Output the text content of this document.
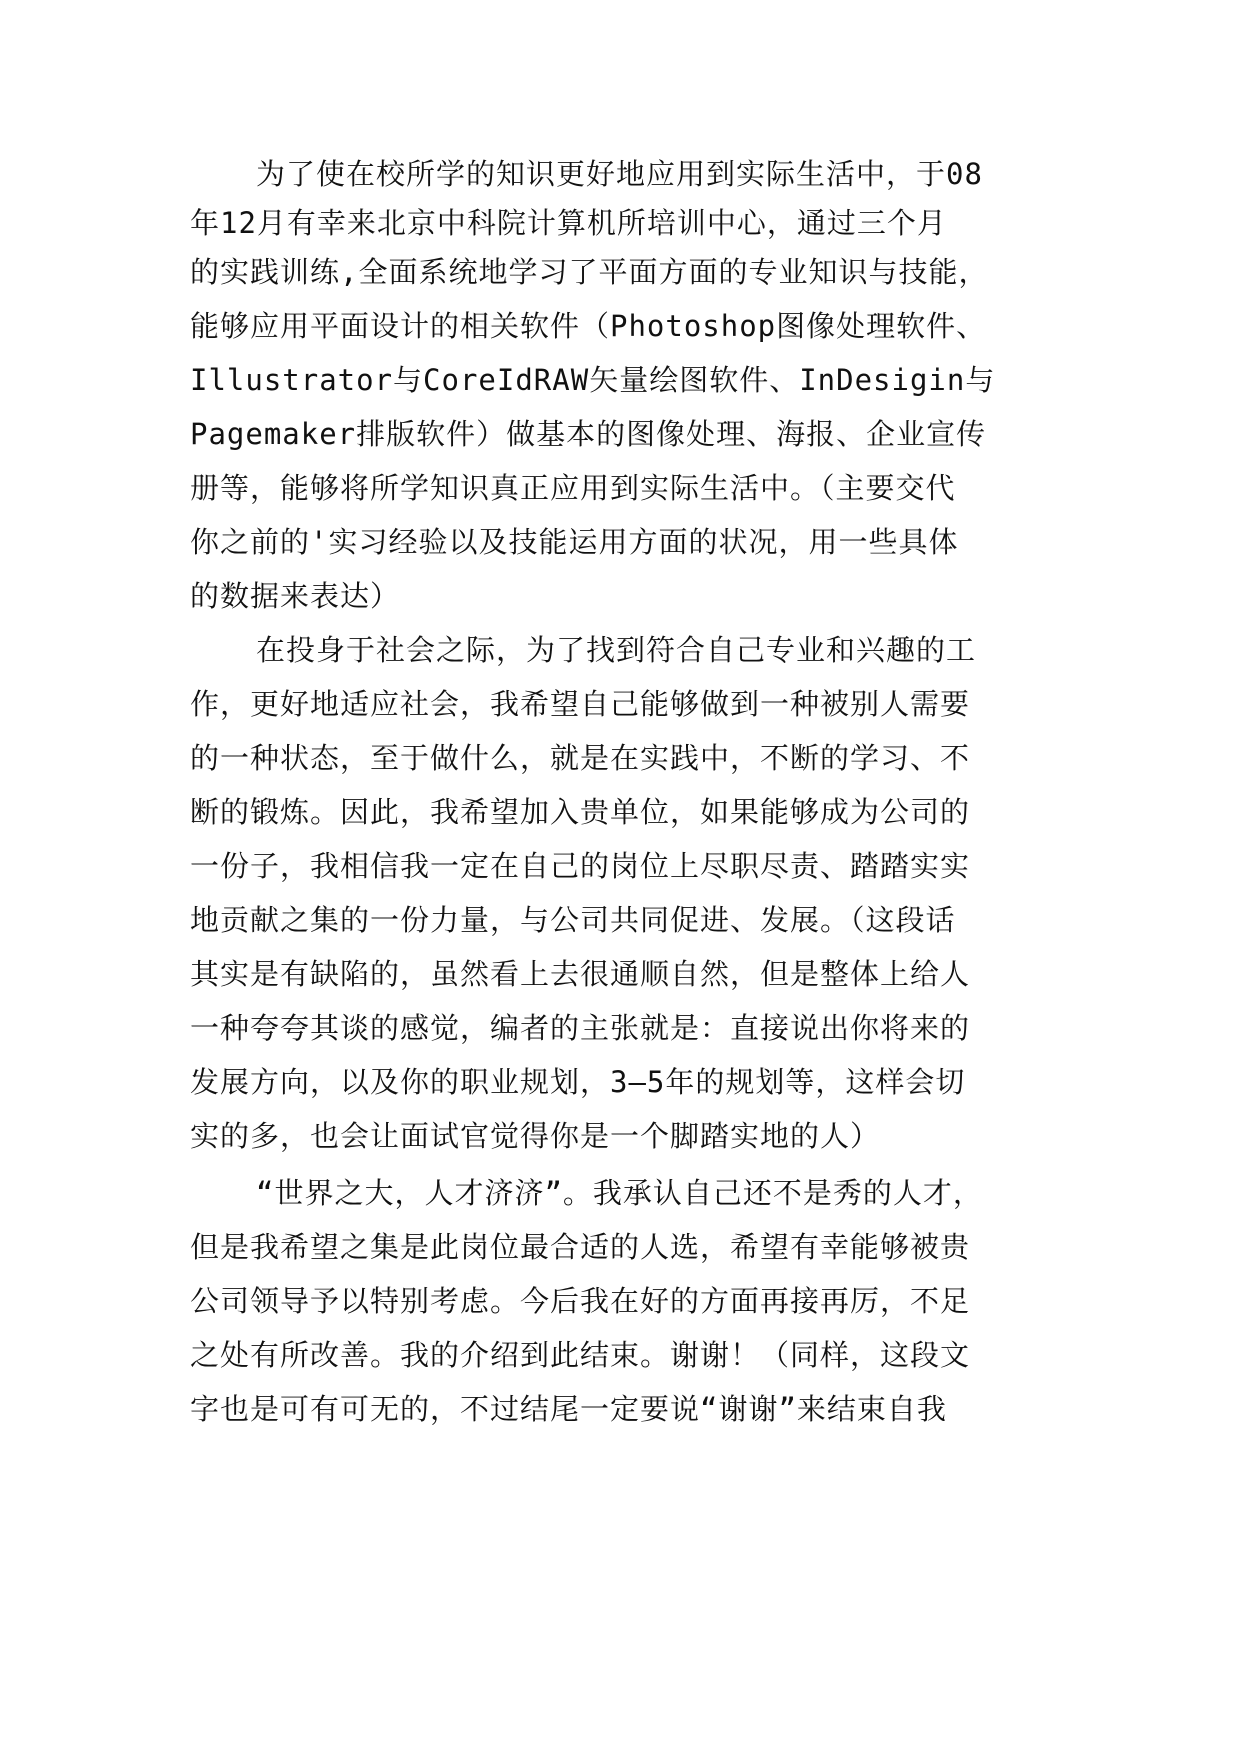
为了使在校所学的知识更好地应用到实际生活中，于08
年12月有幸来北京中科院计算机所培训中心，通过三个月
的实践训练,全面系统地学习了平面方面的专业知识与技能，
能够应用平面设计的相关软件（Photoshop图像处理软件、
Illustrator与CoreIdRAW矢量绘图软件、InDesigin与
Pagemaker排版软件）做基本的图像处理、海报、企业宣传
册等，能够将所学知识真正应用到实际生活中。（主要交代
你之前的'实习经验以及技能运用方面的状况，用一些具体
的数据来表达）
在投身于社会之际，为了找到符合自己专业和兴趣的工
作，更好地适应社会，我希望自己能够做到一种被别人需要
的一种状态，至于做什么，就是在实践中，不断的学习、不
断的锻炼。因此，我希望加入贵单位，如果能够成为公司的
一份子，我相信我一定在自己的岗位上尽职尽责、踏踏实实
地贡献之集的一份力量，与公司共同促进、发展。（这段话
其实是有缺陷的，虽然看上去很通顺自然，但是整体上给人
一种夸夸其谈的感觉，编者的主张就是：直接说出你将来的
发展方向，以及你的职业规划，3—5年的规划等，这样会切
实的多，也会让面试官觉得你是一个脚踏实地的人）
“世界之大，人才济济”。我承认自己还不是秀的人才，
但是我希望之集是此岗位最合适的人选，希望有幸能够被贵
公司领导予以特别考虑。今后我在好的方面再接再厉，不足
之处有所改善。我的介绍到此结束。谢谢！（同样，这段文
字也是可有可无的，不过结尾一定要说“谢谢”来结束自我
